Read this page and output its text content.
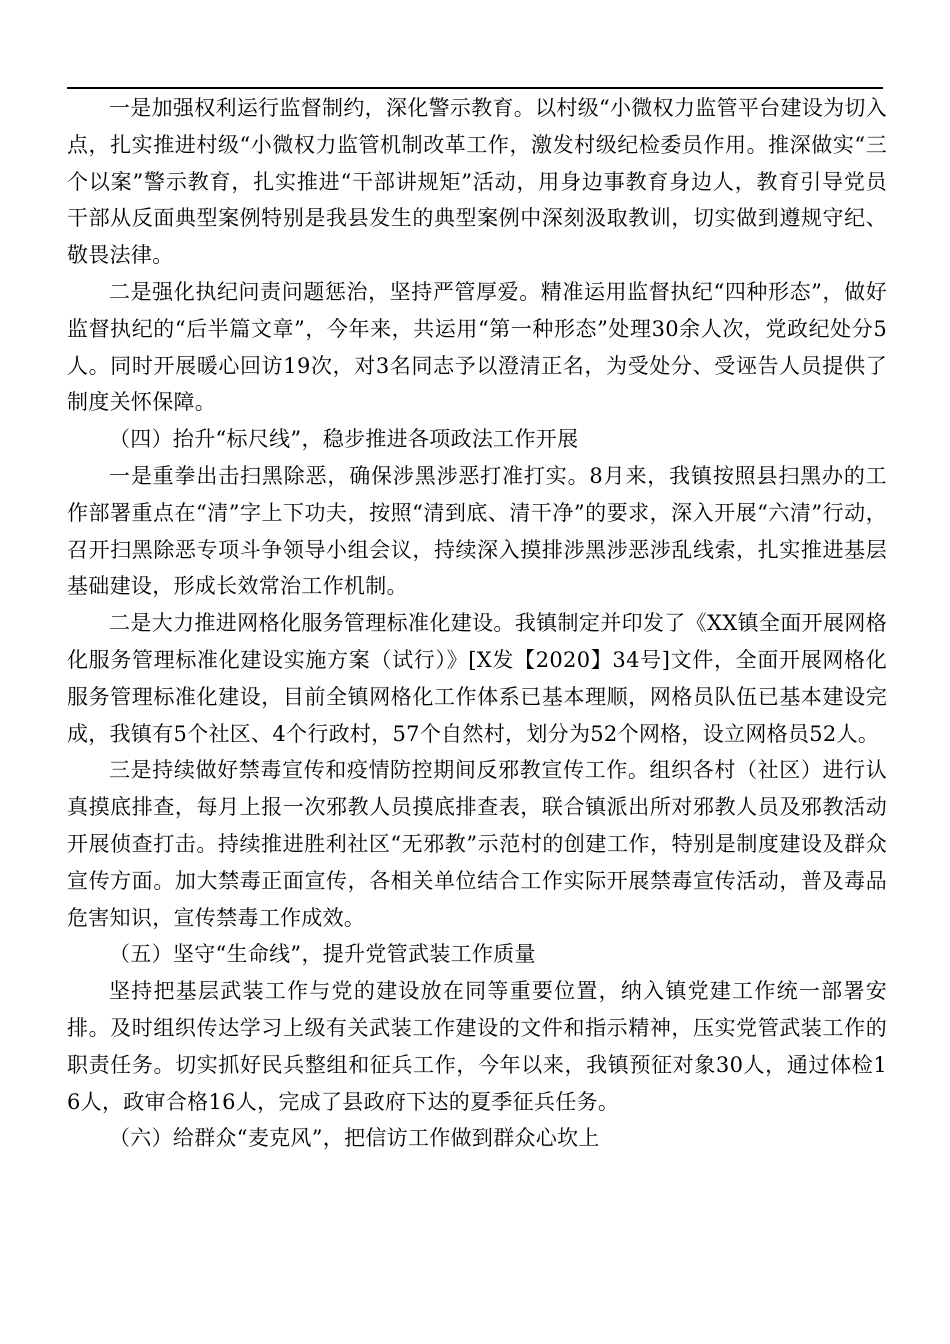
一是加强权利运行监督制约，深化警示教育。以村级“小微权力监管平台建设为切入点，扎实推进村级“小微权力监管机制改革工作，激发村级纪检委员作用。推深做实“三个以案”警示教育，扎实推进“干部讲规矩”活动，用身边事教育身边人，教育引导党员干部从反面典型案例特别是我县发生的典型案例中深刻汲取教训，切实做到遵规守纪、敬畏法律。

二是强化执纪问责问题惩治，坚持严管厚爱。精准运用监督执纪“四种形态”，做好监督执纪的“后半篇文章”，今年来，共运用“第一种形态”处理30余人次，党政纪处分5人。同时开展暖心回访19次，对3名同志予以澄清正名，为受处分、受诬告人员提供了制度关怀保障。

（四）抬升“标尺线”，稳步推进各项政法工作开展

一是重拳出击扫黑除恶，确保涉黑涉恶打准打实。8月来，我镇按照县扫黑办的工作部署重点在“清”字上下功夫，按照“清到底、清干净”的要求，深入开展“六清”行动，召开扫黑除恶专项斗争领导小组会议，持续深入摸排涉黑涉恶涉乱线索，扎实推进基层基础建设，形成长效常治工作机制。

二是大力推进网格化服务管理标准化建设。我镇制定并印发了《XX镇全面开展网格化服务管理标准化建设实施方案（试行）》[X发【2020】34号]文件，全面开展网格化服务管理标准化建设，目前全镇网格化工作体系已基本理顺，网格员队伍已基本建设完成，我镇有5个社区、4个行政村，57个自然村，划分为52个网格，设立网格员52人。

三是持续做好禁毒宣传和疫情防控期间反邪教宣传工作。组织各村（社区）进行认真摸底排查，每月上报一次邪教人员摸底排查表，联合镇派出所对邪教人员及邪教活动开展侦查打击。持续推进胜利社区“无邪教”示范村的创建工作，特别是制度建设及群众宣传方面。加大禁毒正面宣传，各相关单位结合工作实际开展禁毒宣传活动，普及毒品危害知识，宣传禁毒工作成效。

（五）坚守“生命线”，提升党管武装工作质量

坚持把基层武装工作与党的建设放在同等重要位置，纳入镇党建工作统一部署安排。及时组织传达学习上级有关武装工作建设的文件和指示精神，压实党管武装工作的职责任务。切实抓好民兵整组和征兵工作，今年以来，我镇预征对象30人，通过体检16人，政审合格16人，完成了县政府下达的夏季征兵任务。

（六）给群众“麦克风”，把信访工作做到群众心坎上
